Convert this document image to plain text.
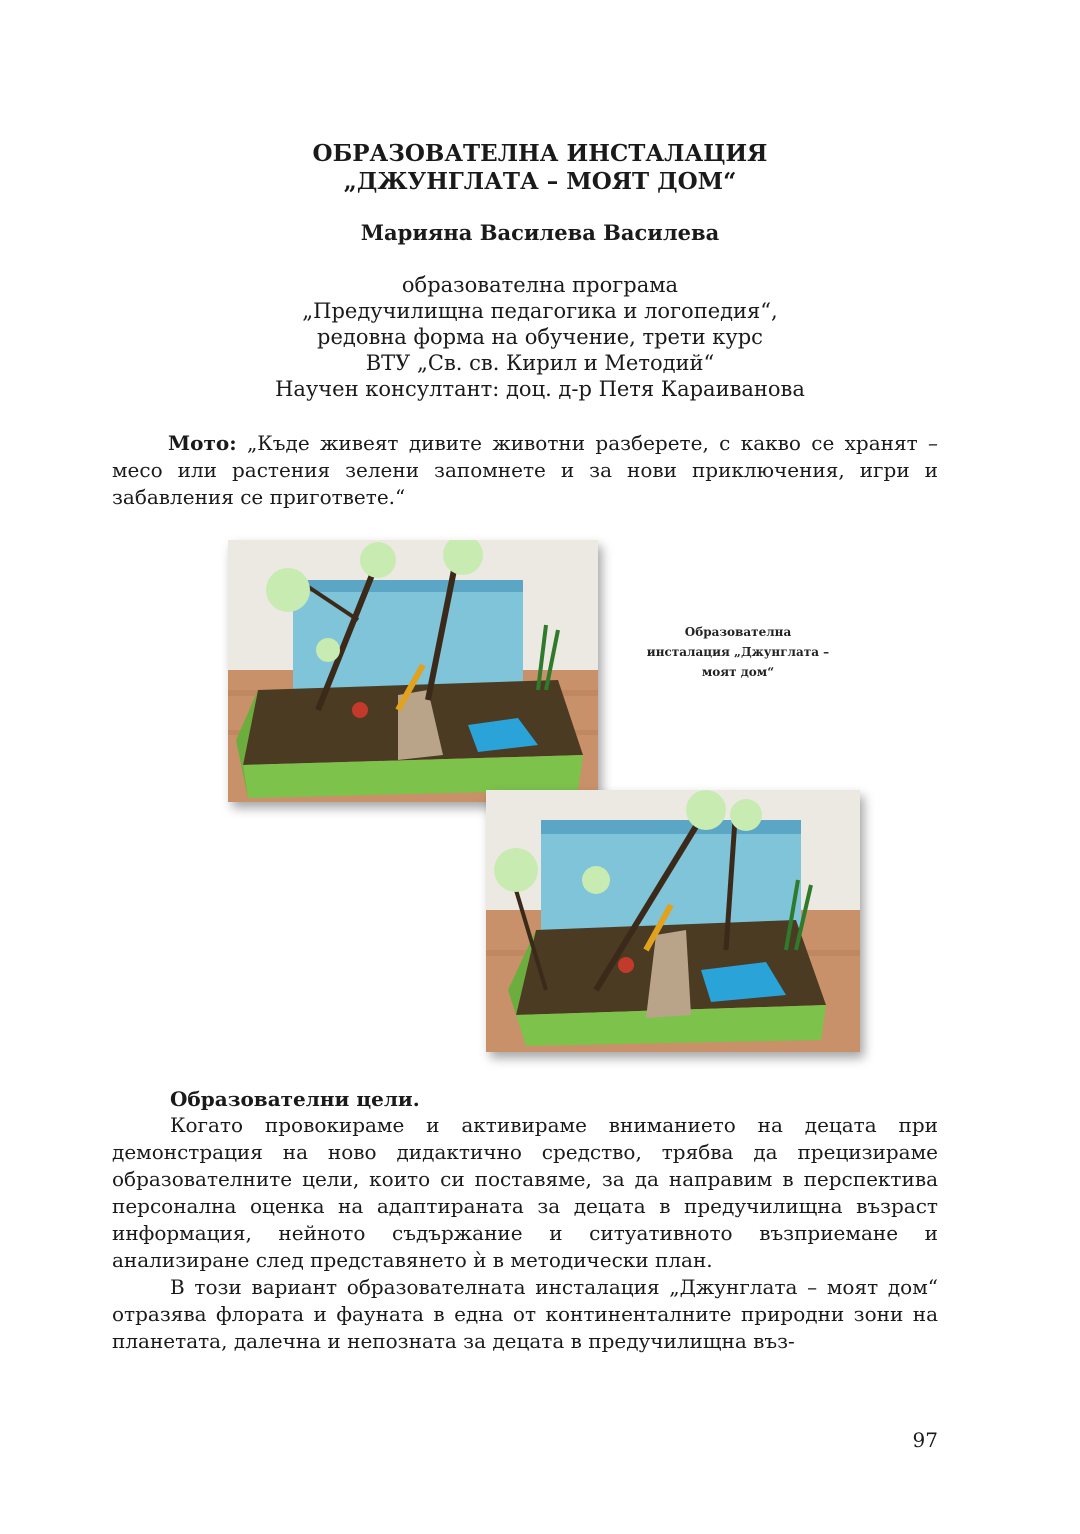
ОБРАЗОВАТЕЛНА ИНСТАЛАЦИЯ
„ДЖУНГЛАТА – МОЯТ ДОМ“
Марияна Василева Василева
образователна програма
„Предучилищна педагогика и логопедия“,
редовна форма на обучение, трети курс
ВТУ „Св. св. Кирил и Методий“
Научен консултант: доц. д-р Петя Караиванова

Мото: „Къде живеят дивите животни разберете, с какво се хранят – месо или растения зелени запомнете и за нови приключения, игри и забавления се пригответе.“

Образователна
инсталация „Джунглата –
моят дом“
Образователни цели.

Когато провокираме и активираме вниманието на децата при демонстрация на ново дидактично средство, трябва да прецизираме образователните цели, които си поставяме, за да направим в перспектива персонална оценка на адаптираната за децата в предучилищна възраст информация, нейното съдържание и ситуативното възприемане и анализиране след представянето ѝ в методически план.

В този вариант образователната инсталация „Джунглата – моят дом“ отразява флората и фауната в една от континенталните природни зони на планетата, далечна и непозната за децата в предучилищна въз-

97
